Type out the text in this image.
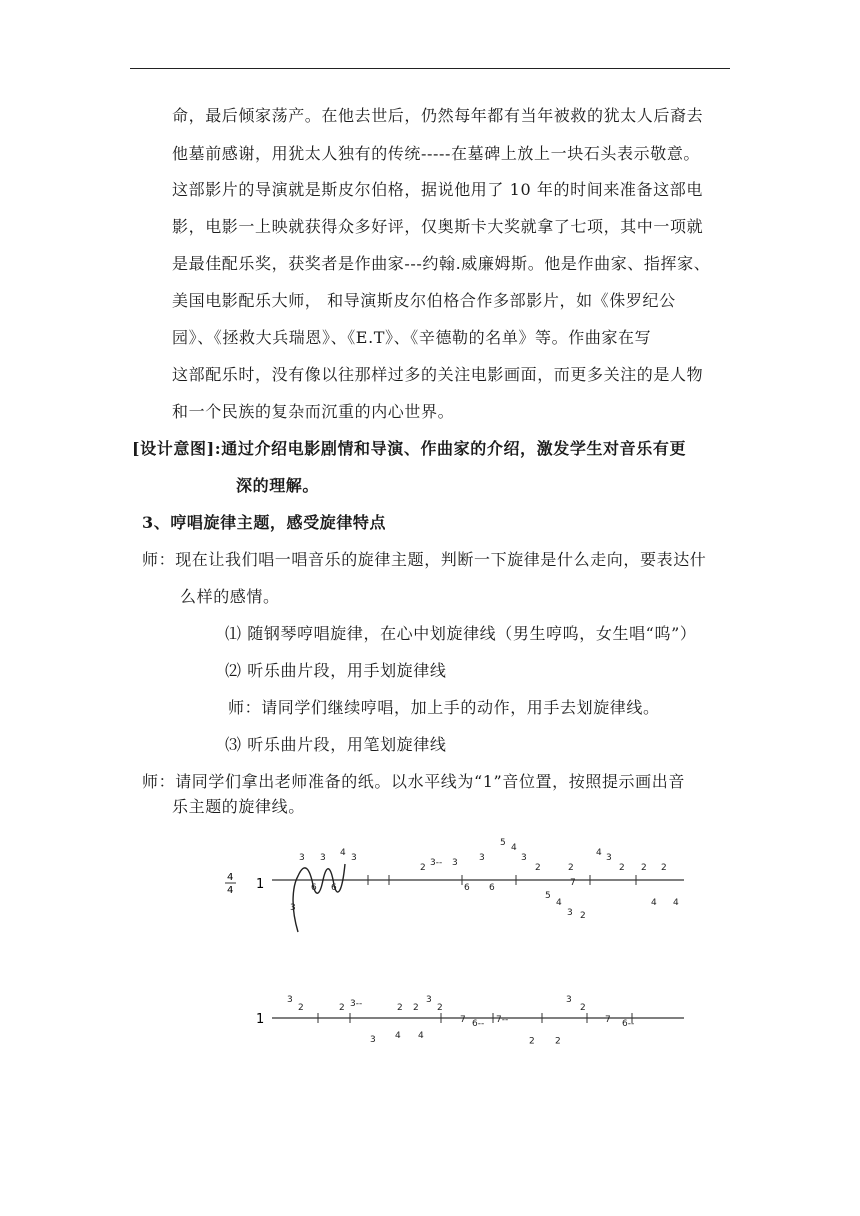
命，最后倾家荡产。在他去世后，仍然每年都有当年被救的犹太人后裔去
他墓前感谢，用犹太人独有的传统-----在墓碑上放上一块石头表示敬意。
这部影片的导演就是斯皮尔伯格，据说他用了 10 年的时间来准备这部电
影，电影一上映就获得众多好评，仅奥斯卡大奖就拿了七项，其中一项就
是最佳配乐奖，获奖者是作曲家---约翰.威廉姆斯。他是作曲家、指挥家、
美国电影配乐大师， 和导演斯皮尔伯格合作多部影片，如《侏罗纪公
园》、《拯救大兵瑞恩》、《E.T》、《辛德勒的名单》等。作曲家在写
这部配乐时，没有像以往那样过多的关注电影画面，而更多关注的是人物
和一个民族的复杂而沉重的内心世界。
[设计意图]:通过介绍电影剧情和导演、作曲家的介绍，激发学生对音乐有更
深的理解。
3、哼唱旋律主题，感受旋律特点
师：现在让我们唱一唱音乐的旋律主题，判断一下旋律是什么走向，要表达什
么样的感情。
⑴ 随钢琴哼唱旋律，在心中划旋律线（男生哼呜，女生唱“呜”）
⑵ 听乐曲片段，用手划旋律线
师：请同学们继续哼唱，加上手的动作，用手去划旋律线。
⑶ 听乐曲片段，用笔划旋律线
师：请同学们拿出老师准备的纸。以水平线为“1”音位置，按照提示画出音
乐主题的旋律线。
4
4 1
3 3 4 3
6 6
3
2 3-- 3 3
5 4
3
2
6 6
5
4
3 2
2
4 3
2 2 2
7
4 4
1
3
2	2 3--	2 2
3
2
7 6-- 7--
3
2
7 6--
3 4 4
2 2
